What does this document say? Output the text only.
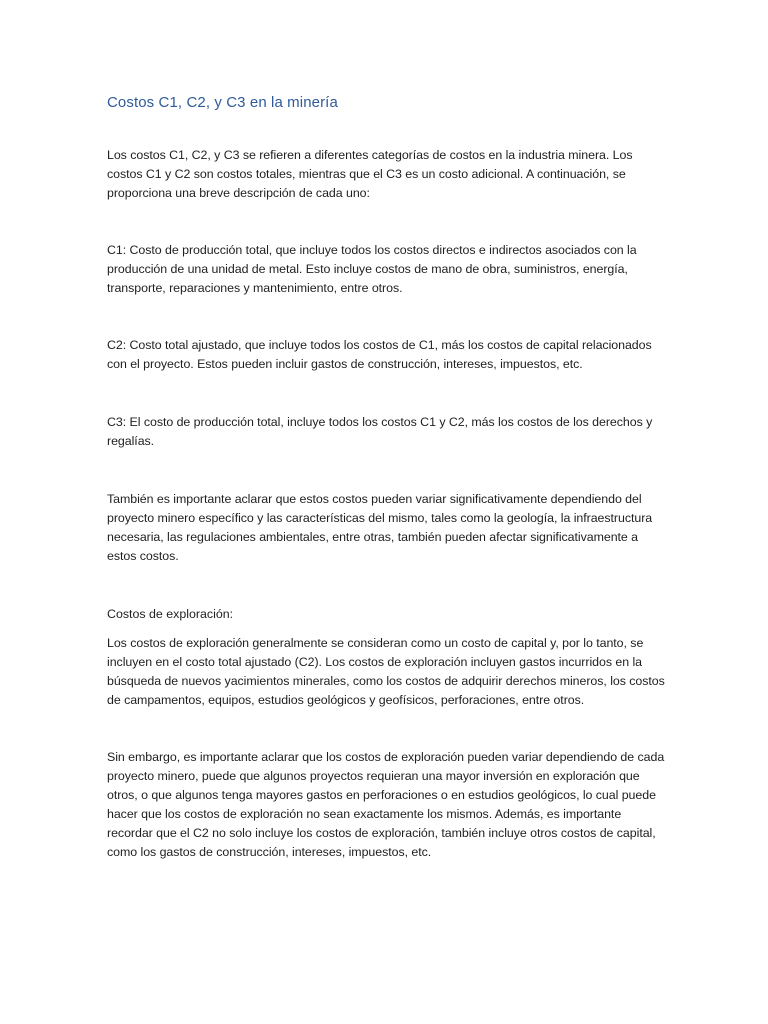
Costos C1, C2, y C3 en la minería

Los costos C1, C2, y C3 se refieren a diferentes categorías de costos en la industria minera. Los costos C1 y C2 son costos totales, mientras que el C3 es un costo adicional. A continuación, se proporciona una breve descripción de cada uno:

C1: Costo de producción total, que incluye todos los costos directos e indirectos asociados con la producción de una unidad de metal. Esto incluye costos de mano de obra, suministros, energía, transporte, reparaciones y mantenimiento, entre otros.

C2: Costo total ajustado, que incluye todos los costos de C1, más los costos de capital relacionados con el proyecto. Estos pueden incluir gastos de construcción, intereses, impuestos, etc.

C3: El costo de producción total, incluye todos los costos C1 y C2, más los costos de los derechos y regalías.

También es importante aclarar que estos costos pueden variar significativamente dependiendo del proyecto minero específico y las características del mismo, tales como la geología, la infraestructura necesaria, las regulaciones ambientales, entre otras, también pueden afectar significativamente a estos costos.

Costos de exploración:

Los costos de exploración generalmente se consideran como un costo de capital y, por lo tanto, se incluyen en el costo total ajustado (C2). Los costos de exploración incluyen gastos incurridos en la búsqueda de nuevos yacimientos minerales, como los costos de adquirir derechos mineros, los costos de campamentos, equipos, estudios geológicos y geofísicos, perforaciones, entre otros.

Sin embargo, es importante aclarar que los costos de exploración pueden variar dependiendo de cada proyecto minero, puede que algunos proyectos requieran una mayor inversión en exploración que otros, o que algunos tenga mayores gastos en perforaciones o en estudios geológicos, lo cual puede hacer que los costos de exploración no sean exactamente los mismos. Además, es importante recordar que el C2 no solo incluye los costos de exploración, también incluye otros costos de capital, como los gastos de construcción, intereses, impuestos, etc.
